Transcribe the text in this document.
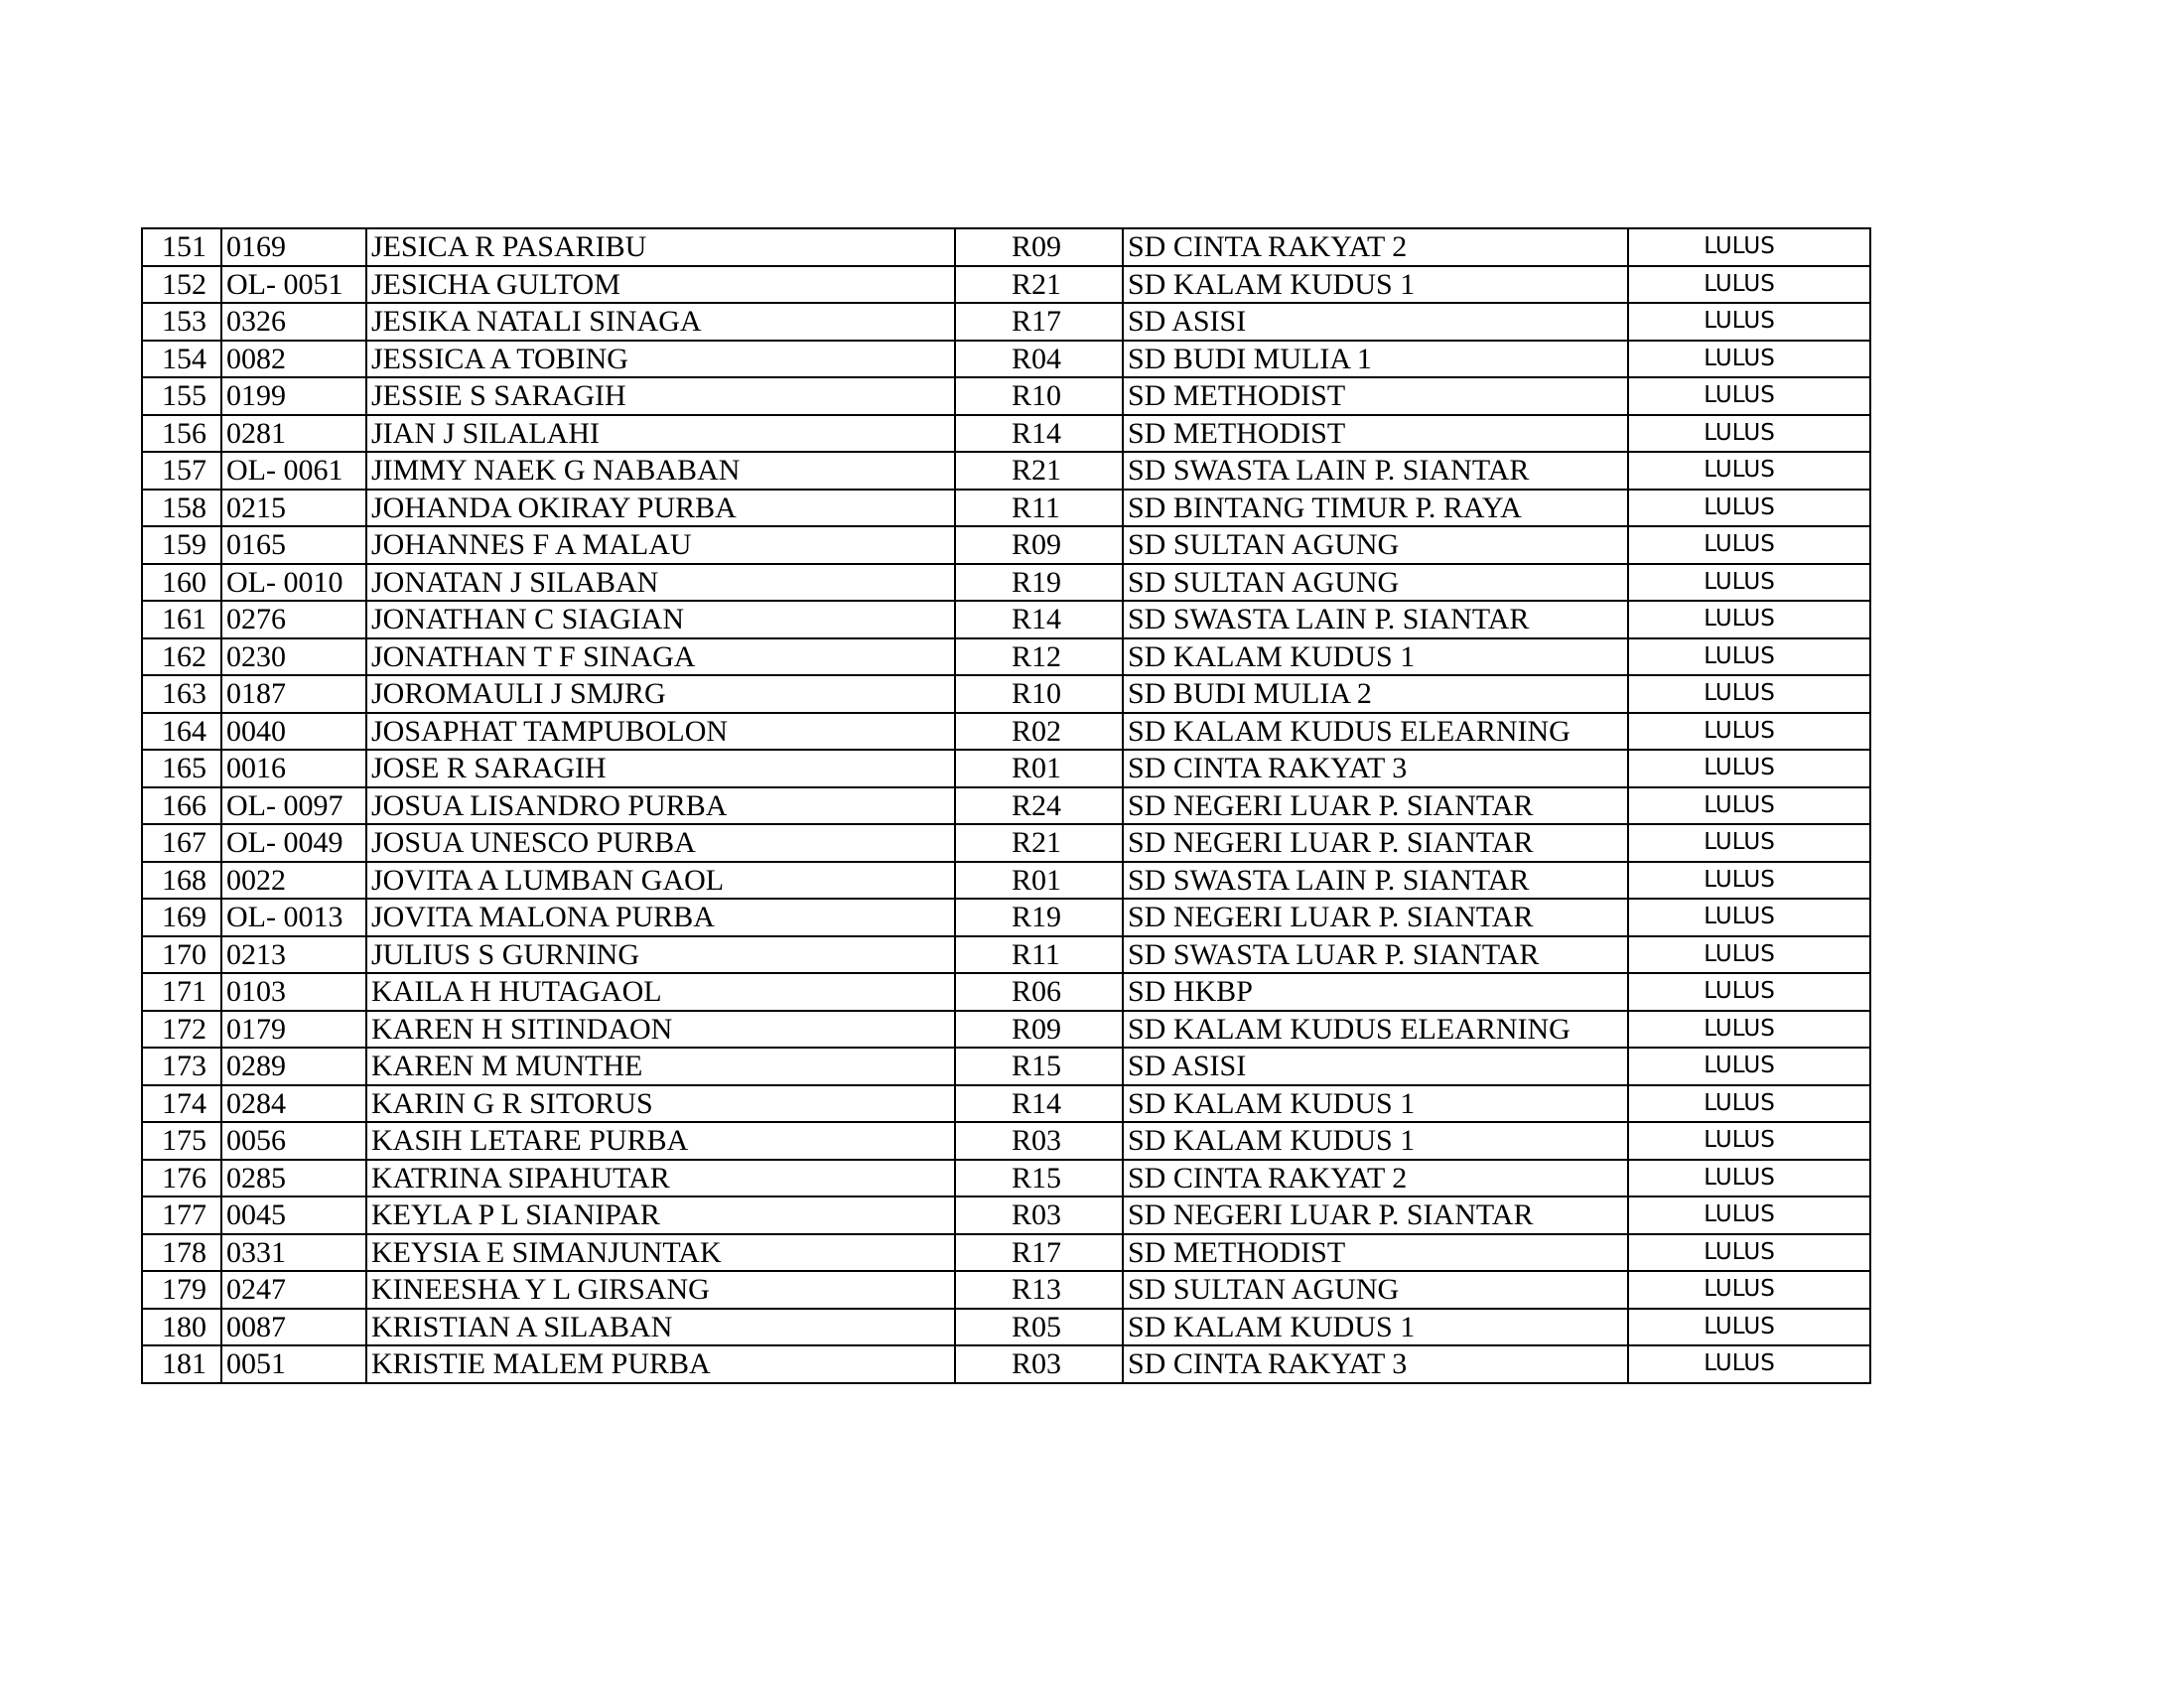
151	0169	JESICA R PASARIBU	R09	SD CINTA RAKYAT 2	LULUS
152	OL- 0051	JESICHA GULTOM	R21	SD KALAM KUDUS 1	LULUS
153	0326	JESIKA NATALI SINAGA	R17	SD ASISI	LULUS
154	0082	JESSICA A TOBING	R04	SD BUDI MULIA 1	LULUS
155	0199	JESSIE S SARAGIH	R10	SD METHODIST	LULUS
156	0281	JIAN J SILALAHI	R14	SD METHODIST	LULUS
157	OL- 0061	JIMMY NAEK G NABABAN	R21	SD SWASTA LAIN P. SIANTAR	LULUS
158	0215	JOHANDA OKIRAY PURBA	R11	SD BINTANG TIMUR P. RAYA	LULUS
159	0165	JOHANNES F A MALAU	R09	SD SULTAN AGUNG	LULUS
160	OL- 0010	JONATAN J SILABAN	R19	SD SULTAN AGUNG	LULUS
161	0276	JONATHAN C SIAGIAN	R14	SD SWASTA LAIN P. SIANTAR	LULUS
162	0230	JONATHAN T F SINAGA	R12	SD KALAM KUDUS 1	LULUS
163	0187	JOROMAULI J SMJRG	R10	SD BUDI MULIA 2	LULUS
164	0040	JOSAPHAT TAMPUBOLON	R02	SD KALAM KUDUS ELEARNING	LULUS
165	0016	JOSE R SARAGIH	R01	SD CINTA RAKYAT 3	LULUS
166	OL- 0097	JOSUA LISANDRO PURBA	R24	SD NEGERI LUAR P. SIANTAR	LULUS
167	OL- 0049	JOSUA UNESCO PURBA	R21	SD NEGERI LUAR P. SIANTAR	LULUS
168	0022	JOVITA A LUMBAN GAOL	R01	SD SWASTA LAIN P. SIANTAR	LULUS
169	OL- 0013	JOVITA MALONA PURBA	R19	SD NEGERI LUAR P. SIANTAR	LULUS
170	0213	JULIUS S GURNING	R11	SD SWASTA LUAR P. SIANTAR	LULUS
171	0103	KAILA H HUTAGAOL	R06	SD HKBP	LULUS
172	0179	KAREN H SITINDAON	R09	SD KALAM KUDUS ELEARNING	LULUS
173	0289	KAREN M MUNTHE	R15	SD ASISI	LULUS
174	0284	KARIN G R SITORUS	R14	SD KALAM KUDUS 1	LULUS
175	0056	KASIH LETARE PURBA	R03	SD KALAM KUDUS 1	LULUS
176	0285	KATRINA SIPAHUTAR	R15	SD CINTA RAKYAT 2	LULUS
177	0045	KEYLA P L SIANIPAR	R03	SD NEGERI LUAR P. SIANTAR	LULUS
178	0331	KEYSIA E SIMANJUNTAK	R17	SD METHODIST	LULUS
179	0247	KINEESHA Y L GIRSANG	R13	SD SULTAN AGUNG	LULUS
180	0087	KRISTIAN A SILABAN	R05	SD KALAM KUDUS 1	LULUS
181	0051	KRISTIE MALEM PURBA	R03	SD CINTA RAKYAT 3	LULUS
